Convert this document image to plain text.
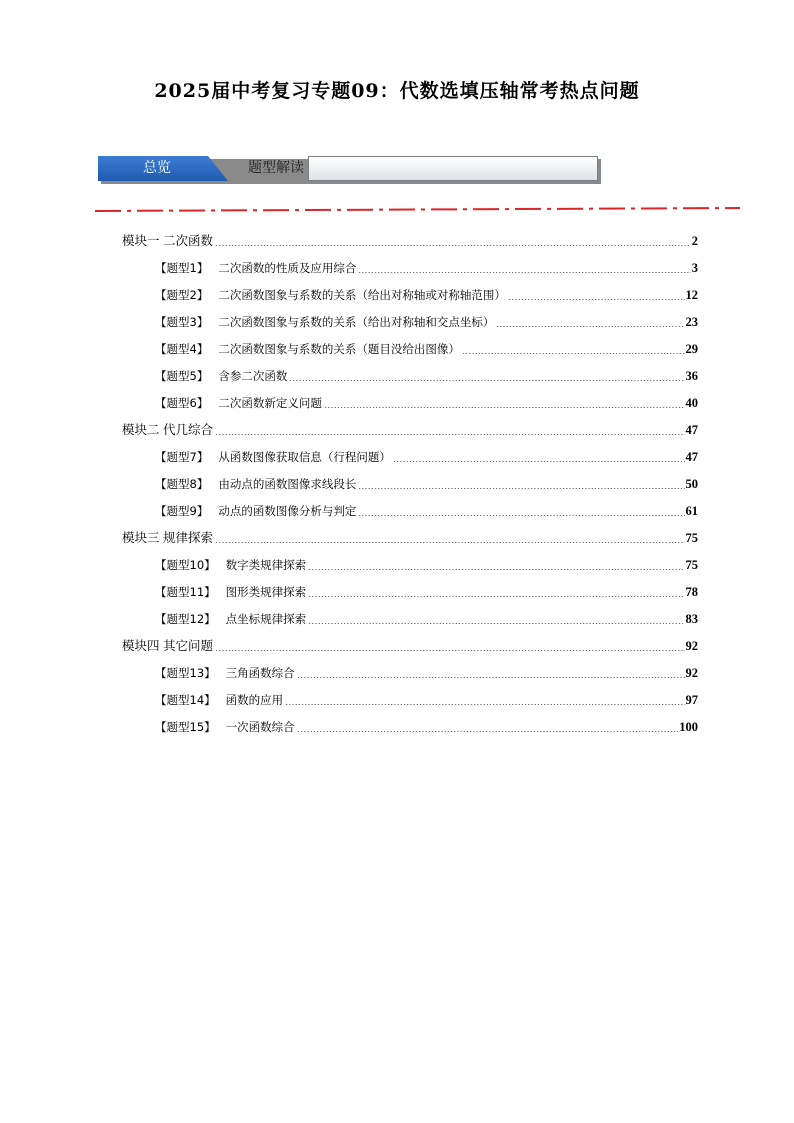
2025届中考复习专题09：代数选填压轴常考热点问题
总览	题型解读
模块一 二次函数	2
【题型1】 二次函数的性质及应用综合	3
【题型2】 二次函数图象与系数的关系（给出对称轴或对称轴范围）	12
【题型3】 二次函数图象与系数的关系（给出对称轴和交点坐标）	23
【题型4】 二次函数图象与系数的关系（题目没给出图像）	29
【题型5】 含参二次函数	36
【题型6】 二次函数新定义问题	40
模块二 代几综合	47
【题型7】 从函数图像获取信息（行程问题）	47
【题型8】 由动点的函数图像求线段长	50
【题型9】 动点的函数图像分析与判定	61
模块三 规律探索	75
【题型10】 数字类规律探索	75
【题型11】 图形类规律探索	78
【题型12】 点坐标规律探索	83
模块四 其它问题	92
【题型13】 三角函数综合	92
【题型14】 函数的应用	97
【题型15】 一次函数综合	100
